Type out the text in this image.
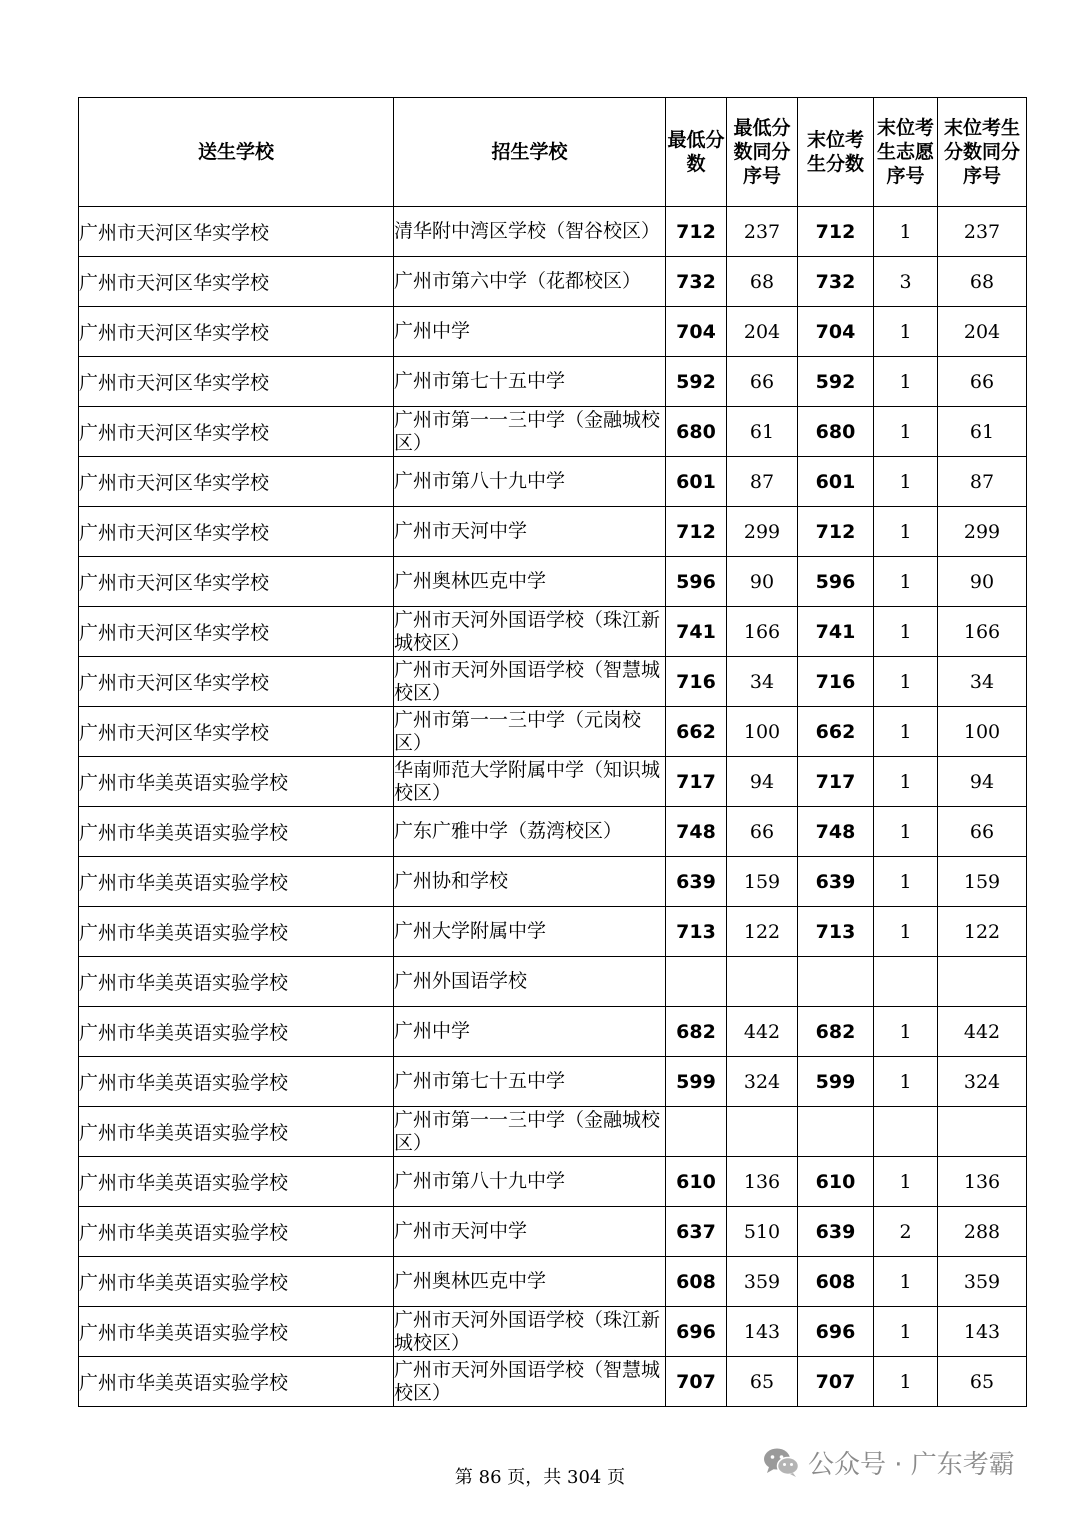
送生学校	招生学校	最低分数	最低分数同分序号	末位考生分数	末位考生志愿序号	末位考生分数同分序号
广州市天河区华实学校	清华附中湾区学校（智谷校区）	712	237	712	1	237
广州市天河区华实学校	广州市第六中学（花都校区）	732	68	732	3	68
广州市天河区华实学校	广州中学	704	204	704	1	204
广州市天河区华实学校	广州市第七十五中学	592	66	592	1	66
广州市天河区华实学校	广州市第一一三中学（金融城校区）	680	61	680	1	61
广州市天河区华实学校	广州市第八十九中学	601	87	601	1	87
广州市天河区华实学校	广州市天河中学	712	299	712	1	299
广州市天河区华实学校	广州奥林匹克中学	596	90	596	1	90
广州市天河区华实学校	广州市天河外国语学校（珠江新城校区）	741	166	741	1	166
广州市天河区华实学校	广州市天河外国语学校（智慧城校区）	716	34	716	1	34
广州市天河区华实学校	广州市第一一三中学（元岗校区）	662	100	662	1	100
广州市华美英语实验学校	华南师范大学附属中学（知识城校区）	717	94	717	1	94
广州市华美英语实验学校	广东广雅中学（荔湾校区）	748	66	748	1	66
广州市华美英语实验学校	广州协和学校	639	159	639	1	159
广州市华美英语实验学校	广州大学附属中学	713	122	713	1	122
广州市华美英语实验学校	广州外国语学校					
广州市华美英语实验学校	广州中学	682	442	682	1	442
广州市华美英语实验学校	广州市第七十五中学	599	324	599	1	324
广州市华美英语实验学校	广州市第一一三中学（金融城校区）					
广州市华美英语实验学校	广州市第八十九中学	610	136	610	1	136
广州市华美英语实验学校	广州市天河中学	637	510	639	2	288
广州市华美英语实验学校	广州奥林匹克中学	608	359	608	1	359
广州市华美英语实验学校	广州市天河外国语学校（珠江新城校区）	696	143	696	1	143
广州市华美英语实验学校	广州市天河外国语学校（智慧城校区）	707	65	707	1	65
第 86 页，共 304 页	公众号 · 广东考霸
